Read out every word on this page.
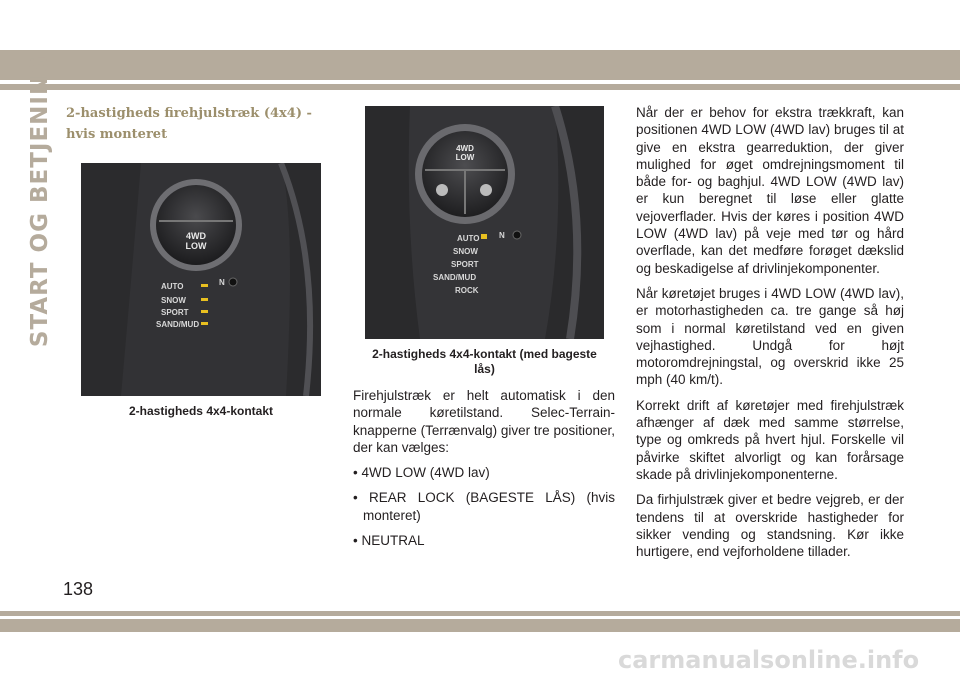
START OG BETJENING 2-hastigheds firehjulstræk (4x4) - hvis monteret
4WD
LOW
AUTO
SNOW
SPORT
SAND/MUD
N
2-hastigheds 4x4-kontakt
4WD
LOW
AUTO
SNOW
SPORT
SAND/MUD
ROCK
N
2-hastigheds 4x4-kontakt (med bageste
lås)

Firehjulstræk er helt automatisk i den normale køretilstand. Selec-Terrain-knapperne (Terrænvalg) giver tre positioner, der kan vælges:

• 4WD LOW (4WD lav)

• REAR LOCK (BAGESTE LÅS) (hvis monteret)

• NEUTRAL

Når der er behov for ekstra trækkraft, kan positionen 4WD LOW (4WD lav) bruges til at give en ekstra gearreduktion, der giver mulighed for øget omdrejningsmoment til både for- og baghjul. 4WD LOW (4WD lav) er kun beregnet til løse eller glatte vejoverflader. Hvis der køres i position 4WD LOW (4WD lav) på veje med tør og hård overflade, kan det medføre forøget dækslid og beskadigelse af drivlinjekomponenter.

Når køretøjet bruges i 4WD LOW (4WD lav), er motorhastigheden ca. tre gange så høj som i normal køretilstand ved en given vejhastighed. Undgå for højt motoromdrejningstal, og overskrid ikke 25 mph (40 km/t).

Korrekt drift af køretøjer med firehjulstræk afhænger af dæk med samme størrelse, type og omkreds på hvert hjul. Forskelle vil påvirke skiftet alvorligt og kan forårsage skade på drivlinjekomponenterne.

Da firhjulstræk giver et bedre vejgreb, er der tendens til at overskride hastigheder for sikker vending og standsning. Kør ikke hurtigere, end vejforholdene tillader.

138
carmanualsonline.info
